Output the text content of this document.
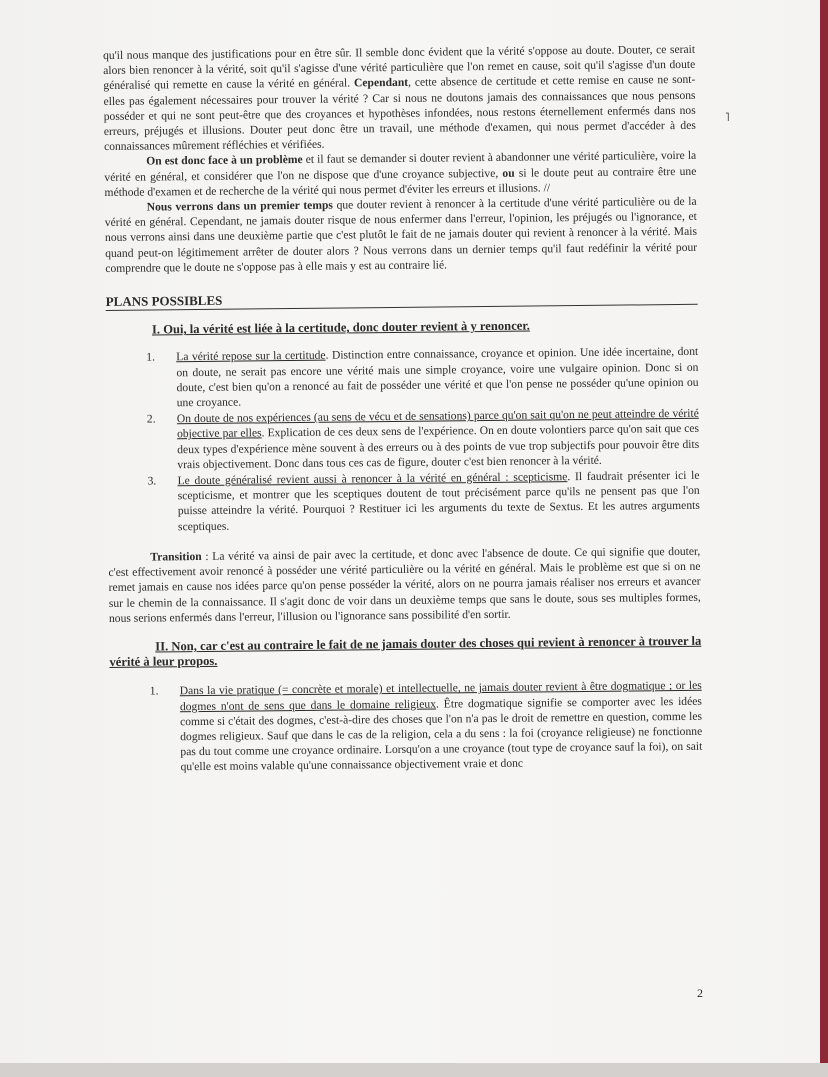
˥

qu'il nous manque des justifications pour en être sûr. Il semble donc évident que la vérité s'oppose au doute. Douter, ce serait alors bien renoncer à la vérité, soit qu'il s'agisse d'une vérité particulière que l'on remet en cause, soit qu'il s'agisse d'un doute généralisé qui remette en cause la vérité en général. Cependant, cette absence de certitude et cette remise en cause ne sont-elles pas également nécessaires pour trouver la vérité ? Car si nous ne doutons jamais des connaissances que nous pensons posséder et qui ne sont peut-être que des croyances et hypothèses infondées, nous restons éternellement enfermés dans nos erreurs, préjugés et illusions. Douter peut donc être un travail, une méthode d'examen, qui nous permet d'accéder à des connaissances mûrement réfléchies et vérifiées.

On est donc face à un problème et il faut se demander si douter revient à abandonner une vérité particulière, voire la vérité en général, et considérer que l'on ne dispose que d'une croyance subjective, ou si le doute peut au contraire être une méthode d'examen et de recherche de la vérité qui nous permet d'éviter les erreurs et illusions. //

Nous verrons dans un premier temps que douter revient à renoncer à la certitude d'une vérité particulière ou de la vérité en général. Cependant, ne jamais douter risque de nous enfermer dans l'erreur, l'opinion, les préjugés ou l'ignorance, et nous verrons ainsi dans une deuxième partie que c'est plutôt le fait de ne jamais douter qui revient à renoncer à la vérité. Mais quand peut-on légitimement arrêter de douter alors ? Nous verrons dans un dernier temps qu'il faut redéfinir la vérité pour comprendre que le doute ne s'oppose pas à elle mais y est au contraire lié.

PLANS POSSIBLES
I. Oui, la vérité est liée à la certitude, donc douter revient à y renoncer.
1. La vérité repose sur la certitude. Distinction entre connaissance, croyance et opinion. Une idée incertaine, dont on doute, ne serait pas encore une vérité mais une simple croyance, voire une vulgaire opinion. Donc si on doute, c'est bien qu'on a renoncé au fait de posséder une vérité et que l'on pense ne posséder qu'une opinion ou une croyance.
2. On doute de nos expériences (au sens de vécu et de sensations) parce qu'on sait qu'on ne peut atteindre de vérité objective par elles. Explication de ces deux sens de l'expérience. On en doute volontiers parce qu'on sait que ces deux types d'expérience mène souvent à des erreurs ou à des points de vue trop subjectifs pour pouvoir être dits vrais objectivement. Donc dans tous ces cas de figure, douter c'est bien renoncer à la vérité.
3. Le doute généralisé revient aussi à renoncer à la vérité en général : scepticisme. Il faudrait présenter ici le scepticisme, et montrer que les sceptiques doutent de tout précisément parce qu'ils ne pensent pas que l'on puisse atteindre la vérité. Pourquoi ? Restituer ici les arguments du texte de Sextus. Et les autres arguments sceptiques.

Transition : La vérité va ainsi de pair avec la certitude, et donc avec l'absence de doute. Ce qui signifie que douter, c'est effectivement avoir renoncé à posséder une vérité particulière ou la vérité en général. Mais le problème est que si on ne remet jamais en cause nos idées parce qu'on pense posséder la vérité, alors on ne pourra jamais réaliser nos erreurs et avancer sur le chemin de la connaissance. Il s'agit donc de voir dans un deuxième temps que sans le doute, sous ses multiples formes, nous serions enfermés dans l'erreur, l'illusion ou l'ignorance sans possibilité d'en sortir.

II. Non, car c'est au contraire le fait de ne jamais douter des choses qui revient à renoncer à trouver la vérité à leur propos.
1. Dans la vie pratique (= concrète et morale) et intellectuelle, ne jamais douter revient à être dogmatique ; or les dogmes n'ont de sens que dans le domaine religieux. Être dogmatique signifie se comporter avec les idées comme si c'était des dogmes, c'est-à-dire des choses que l'on n'a pas le droit de remettre en question, comme les dogmes religieux. Sauf que dans le cas de la religion, cela a du sens : la foi (croyance religieuse) ne fonctionne pas du tout comme une croyance ordinaire. Lorsqu'on a une croyance (tout type de croyance sauf la foi), on sait qu'elle est moins valable qu'une connaissance objectivement vraie et donc
2
